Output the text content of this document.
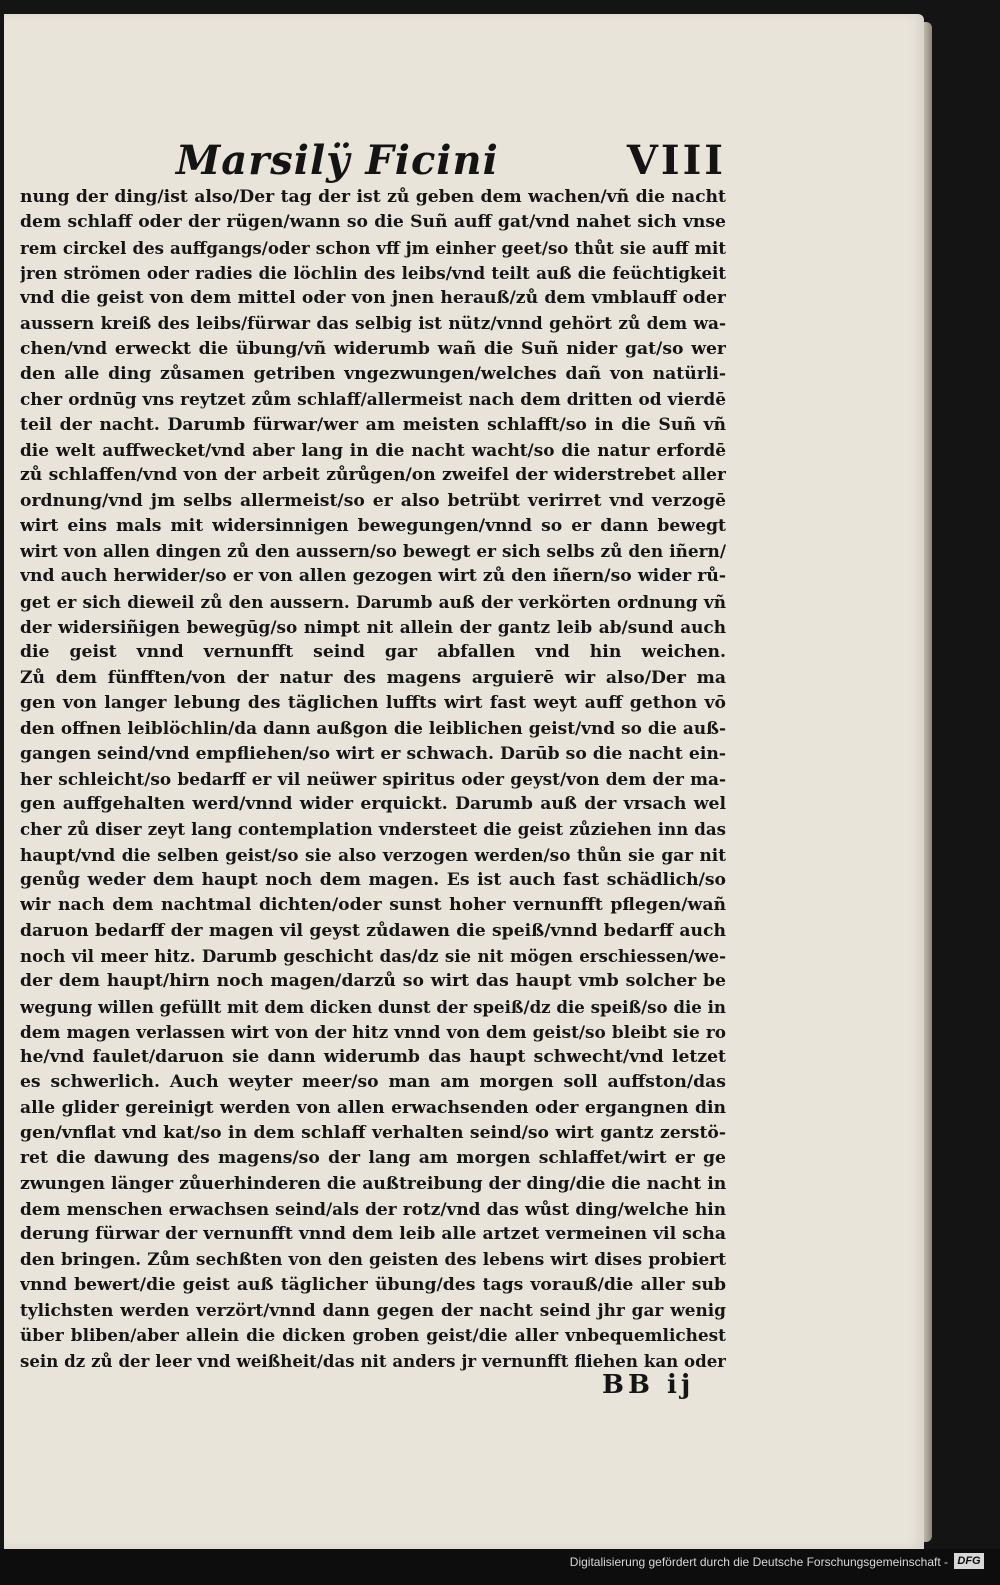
Marsilÿ Ficini	VIII
nung der ding/ist also/Der tag der ist zů geben dem wachen/vñ die nacht
dem schlaff oder der rügen/wann so die Suñ auff gat/vnd nahet sich vnse
rem circkel des auffgangs/oder schon vff jm einher geet/so thůt sie auff mit
jren strömen oder radies die löchlin des leibs/vnd teilt auß die feüchtigkeit
vnd die geist von dem mittel oder von jnen herauß/zů dem vmblauff oder
aussern kreiß des leibs/fürwar das selbig ist nütz/vnnd gehört zů dem wa-
chen/vnd erweckt die übung/vñ widerumb wañ die Suñ nider gat/so wer
den alle ding zůsamen getriben vngezwungen/welches dañ von natürli-
cher ordnūg vns reytzet zům schlaff/allermeist nach dem dritten od vierdē
teil der nacht. Darumb fürwar/wer am meisten schlafft/so in die Suñ vñ
die welt auffwecket/vnd aber lang in die nacht wacht/so die natur erfordē
zů schlaffen/vnd von der arbeit zůrůgen/on zweifel der widerstrebet aller
ordnung/vnd jm selbs allermeist/so er also betrübt verirret vnd verzogē
wirt eins mals mit widersinnigen bewegungen/vnnd so er dann bewegt
wirt von allen dingen zů den aussern/so bewegt er sich selbs zů den iñern/
vnd auch herwider/so er von allen gezogen wirt zů den iñern/so wider rů-
get er sich dieweil zů den aussern. Darumb auß der verkörten ordnung vñ
der widersiñigen bewegūg/so nimpt nit allein der gantz leib ab/sund auch
die geist vnnd vernunfft seind gar abfallen vnd hin weichen.
Zů dem fünfften/von der natur des magens arguierē wir also/Der ma
gen von langer lebung des täglichen luffts wirt fast weyt auff gethon vō
den offnen leiblöchlin/da dann außgon die leiblichen geist/vnd so die auß-
gangen seind/vnd empfliehen/so wirt er schwach. Darūb so die nacht ein-
her schleicht/so bedarff er vil neüwer spiritus oder geyst/von dem der ma-
gen auffgehalten werd/vnnd wider erquickt. Darumb auß der vrsach wel
cher zů diser zeyt lang contemplation vndersteet die geist zůziehen inn das
haupt/vnd die selben geist/so sie also verzogen werden/so thůn sie gar nit
genůg weder dem haupt noch dem magen. Es ist auch fast schädlich/so
wir nach dem nachtmal dichten/oder sunst hoher vernunfft pflegen/wañ
daruon bedarff der magen vil geyst zůdawen die speiß/vnnd bedarff auch
noch vil meer hitz. Darumb geschicht das/dz sie nit mögen erschiessen/we-
der dem haupt/hirn noch magen/darzů so wirt das haupt vmb solcher be
wegung willen gefüllt mit dem dicken dunst der speiß/dz die speiß/so die in
dem magen verlassen wirt von der hitz vnnd von dem geist/so bleibt sie ro
he/vnd faulet/daruon sie dann widerumb das haupt schwecht/vnd letzet
es schwerlich. Auch weyter meer/so man am morgen soll auffston/das
alle glider gereinigt werden von allen erwachsenden oder ergangnen din
gen/vnflat vnd kat/so in dem schlaff verhalten seind/so wirt gantz zerstö-
ret die dawung des magens/so der lang am morgen schlaffet/wirt er ge
zwungen länger zůuerhinderen die außtreibung der ding/die die nacht in
dem menschen erwachsen seind/als der rotz/vnd das wůst ding/welche hin
derung fürwar der vernunfft vnnd dem leib alle artzet vermeinen vil scha
den bringen. Zům sechßten von den geisten des lebens wirt dises probiert
vnnd bewert/die geist auß täglicher übung/des tags vorauß/die aller sub
tylichsten werden verzört/vnnd dann gegen der nacht seind jhr gar wenig
über bliben/aber allein die dicken groben geist/die aller vnbequemlichest
sein dz zů der leer vnd weißheit/das nit anders jr vernunfft fliehen kan oder
BB ij
Digitalisierung gefördert durch die Deutsche Forschungsgemeinschaft - DFG
